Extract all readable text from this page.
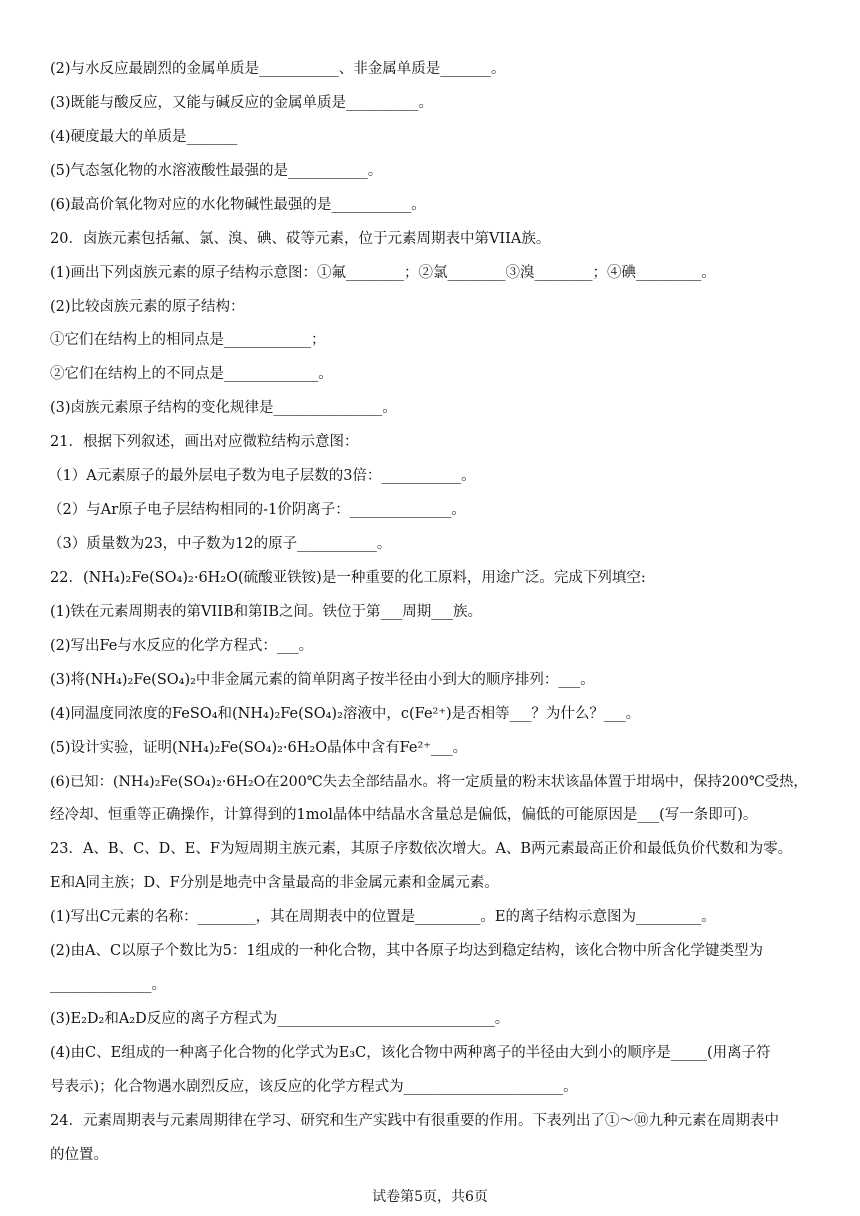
(2)与水反应最剧烈的金属单质是___________、非金属单质是_______。
(3)既能与酸反应，又能与碱反应的金属单质是__________。
(4)硬度最大的单质是_______
(5)气态氢化物的水溶液酸性最强的是___________。
(6)最高价氧化物对应的水化物碱性最强的是___________。
20．卤族元素包括氟、氯、溴、碘、砹等元素，位于元素周期表中第VIIA族。
(1)画出下列卤族元素的原子结构示意图：①氟________；②氯________③溴________；④碘_________。
(2)比较卤族元素的原子结构：
①它们在结构上的相同点是____________；
②它们在结构上的不同点是_____________。
(3)卤族元素原子结构的变化规律是_______________。
21．根据下列叙述，画出对应微粒结构示意图：
（1）A元素原子的最外层电子数为电子层数的3倍：___________。
（2）与Ar原子电子层结构相同的-1价阴离子：______________。
（3）质量数为23，中子数为12的原子___________。
22．(NH₄)₂Fe(SO₄)₂·6H₂O(硫酸亚铁铵)是一种重要的化工原料，用途广泛。完成下列填空:
(1)铁在元素周期表的第VIIB和第IB之间。铁位于第___周期___族。
(2)写出Fe与水反应的化学方程式：___。
(3)将(NH₄)₂Fe(SO₄)₂中非金属元素的简单阴离子按半径由小到大的顺序排列：___。
(4)同温度同浓度的FeSO₄和(NH₄)₂Fe(SO₄)₂溶液中，c(Fe²⁺)是否相等___？为什么？___。
(5)设计实验，证明(NH₄)₂Fe(SO₄)₂·6H₂O晶体中含有Fe²⁺___。
(6)已知：(NH₄)₂Fe(SO₄)₂·6H₂O在200℃失去全部结晶水。将一定质量的粉末状该晶体置于坩埚中，保持200℃受热，
经冷却、恒重等正确操作，计算得到的1mol晶体中结晶水含量总是偏低，偏低的可能原因是___(写一条即可)。
23．A、B、C、D、E、F为短周期主族元素，其原子序数依次增大。A、B两元素最高正价和最低负价代数和为零。
E和A同主族；D、F分别是地壳中含量最高的非金属元素和金属元素。
(1)写出C元素的名称：________，其在周期表中的位置是_________。E的离子结构示意图为_________。
(2)由A、C以原子个数比为5：1组成的一种化合物，其中各原子均达到稳定结构，该化合物中所含化学键类型为
______________。
(3)E₂D₂和A₂D反应的离子方程式为______________________________。
(4)由C、E组成的一种离子化合物的化学式为E₃C，该化合物中两种离子的半径由大到小的顺序是_____(用离子符
号表示)；化合物遇水剧烈反应，该反应的化学方程式为______________________。
24．元素周期表与元素周期律在学习、研究和生产实践中有很重要的作用。下表列出了①～⑩九种元素在周期表中
的位置。
试卷第5页，共6页
